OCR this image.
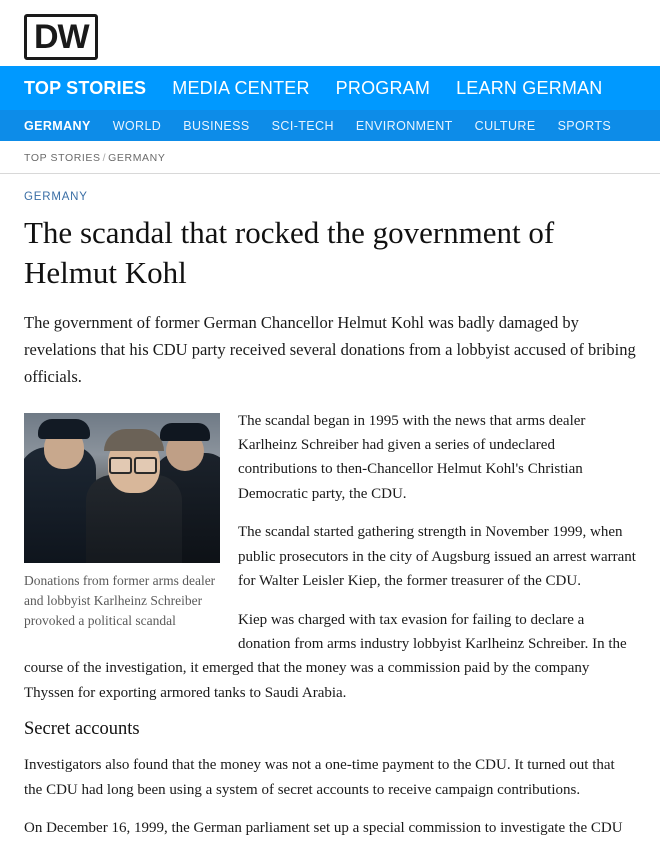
DW
TOP STORIES MEDIA CENTER PROGRAM LEARN GERMAN
GERMANY WORLD BUSINESS SCI-TECH ENVIRONMENT CULTURE SPORTS
TOP STORIES / GERMANY
GERMANY
The scandal that rocked the government of Helmut Kohl

The government of former German Chancellor Helmut Kohl was badly damaged by revelations that his CDU party received several donations from a lobbyist accused of bribing officials.

Donations from former arms dealer and lobbyist Karlheinz Schreiber provoked a political scandal

The scandal began in 1995 with the news that arms dealer Karlheinz Schreiber had given a series of undeclared contributions to then-Chancellor Helmut Kohl's Christian Democratic party, the CDU.

The scandal started gathering strength in November 1999, when public prosecutors in the city of Augsburg issued an arrest warrant for Walter Leisler Kiep, the former treasurer of the CDU.

Kiep was charged with tax evasion for failing to declare a donation from arms industry lobbyist Karlheinz Schreiber. In the course of the investigation, it emerged that the money was a commission paid by the company Thyssen for exporting armored tanks to Saudi Arabia.

Secret accounts

Investigators also found that the money was not a one-time payment to the CDU. It turned out that the CDU had long been using a system of secret accounts to receive campaign contributions.

On December 16, 1999, the German parliament set up a special commission to investigate the CDU
